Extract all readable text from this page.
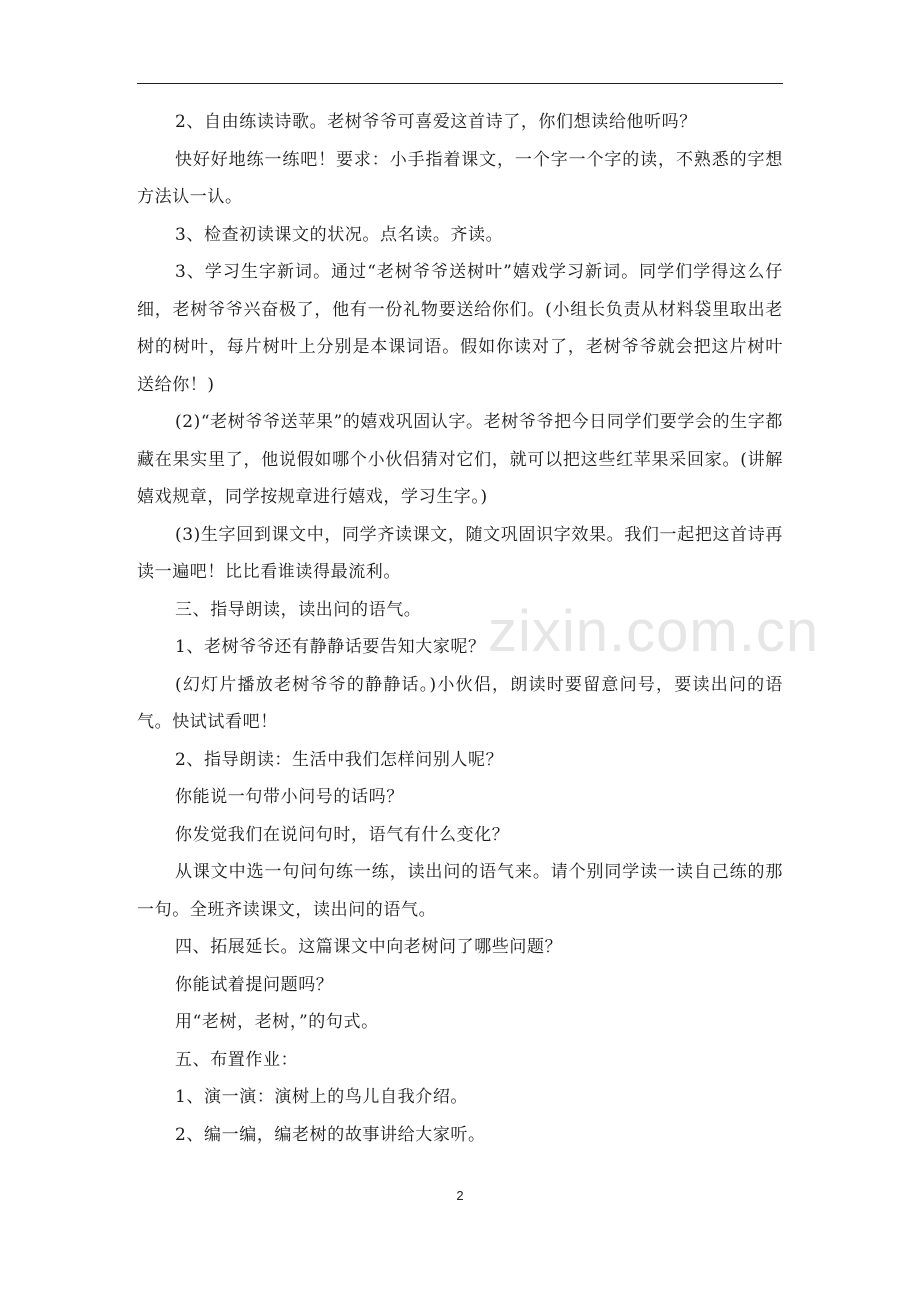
zixin.com.cn

2、自由练读诗歌。老树爷爷可喜爱这首诗了，你们想读给他听吗？

快好好地练一练吧！要求：小手指着课文，一个字一个字的读，不熟悉的字想方法认一认。

3、检查初读课文的状况。点名读。齐读。

3、学习生字新词。通过“老树爷爷送树叶”嬉戏学习新词。同学们学得这么仔细，老树爷爷兴奋极了，他有一份礼物要送给你们。(小组长负责从材料袋里取出老树的树叶，每片树叶上分别是本课词语。假如你读对了，老树爷爷就会把这片树叶送给你！)

(2)“老树爷爷送苹果”的嬉戏巩固认字。老树爷爷把今日同学们要学会的生字都藏在果实里了，他说假如哪个小伙侣猜对它们，就可以把这些红苹果采回家。(讲解嬉戏规章，同学按规章进行嬉戏，学习生字。)

(3)生字回到课文中，同学齐读课文，随文巩固识字效果。我们一起把这首诗再读一遍吧！比比看谁读得最流利。

三、指导朗读，读出问的语气。

1、老树爷爷还有静静话要告知大家呢？

(幻灯片播放老树爷爷的静静话。)小伙侣，朗读时要留意问号，要读出问的语气。快试试看吧！

2、指导朗读：生活中我们怎样问别人呢？

你能说一句带小问号的话吗？

你发觉我们在说问句时，语气有什么变化？

从课文中选一句问句练一练，读出问的语气来。请个别同学读一读自己练的那一句。全班齐读课文，读出问的语气。

四、拓展延长。这篇课文中向老树问了哪些问题？

你能试着提问题吗？

用“老树，老树，”的句式。

五、布置作业：

1、演一演：演树上的鸟儿自我介绍。

2、编一编，编老树的故事讲给大家听。

2
